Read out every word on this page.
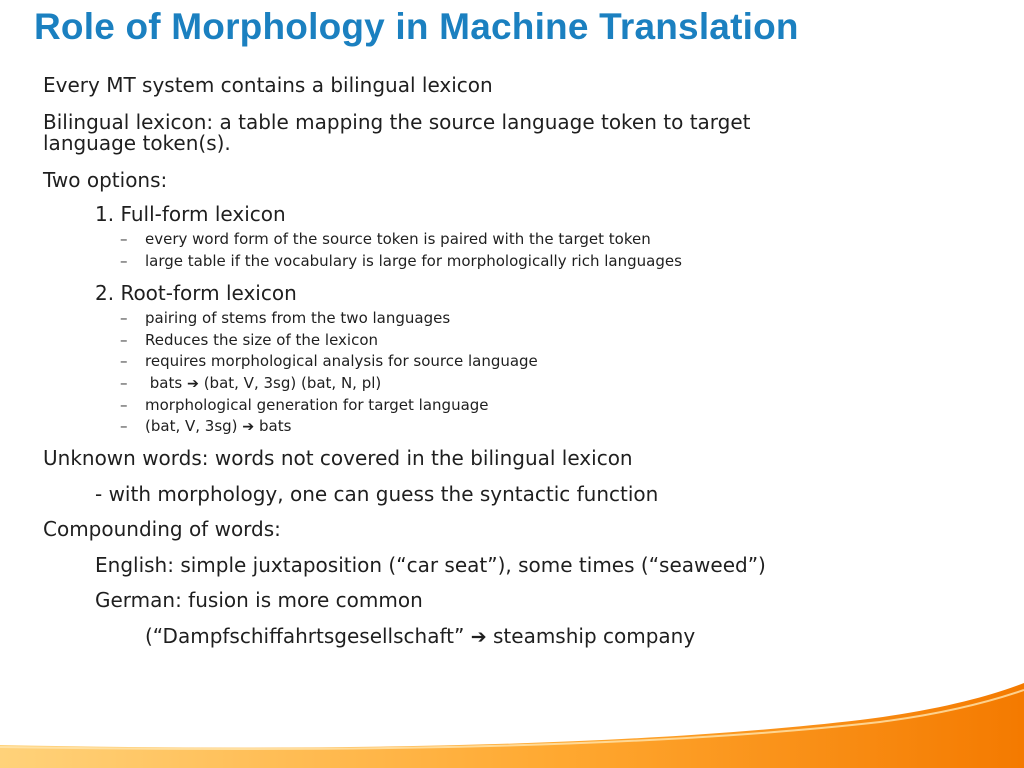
Role of Morphology in Machine Translation
Every MT system contains a bilingual lexicon
Bilingual lexicon: a table mapping the source language token to target
language token(s).
Two options:
1. Full-form lexicon
– every word form of the source token is paired with the target token
– large table if the vocabulary is large for morphologically rich languages
2. Root-form lexicon
– pairing of stems from the two languages
– Reduces the size of the lexicon
– requires morphological analysis for source language
– bats ➔ (bat, V, 3sg) (bat, N, pl)
– morphological generation for target language
– (bat, V, 3sg) ➔ bats
Unknown words: words not covered in the bilingual lexicon
- with morphology, one can guess the syntactic function
Compounding of words:
English: simple juxtaposition (“car seat”), some times (“seaweed”)
German: fusion is more common
(“Dampfschiffahrtsgesellschaft” ➔ steamship company
